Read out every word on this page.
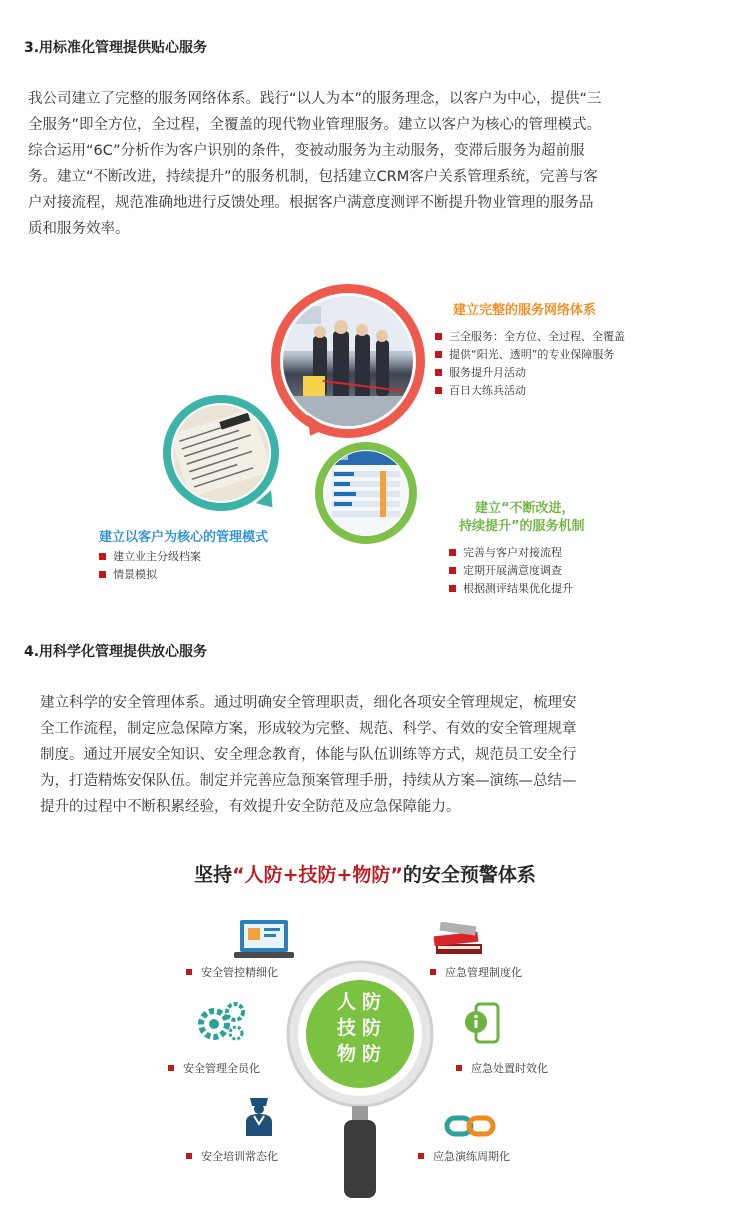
3.用标准化管理提供贴心服务

我公司建立了完整的服务网络体系。践行“以人为本”的服务理念，以客户为中心，提供“三

全服务”即全方位，全过程，全覆盖的现代物业管理服务。建立以客户为核心的管理模式。

综合运用“6C”分析作为客户识别的条件，变被动服务为主动服务，变滞后服务为超前服

务。建立“不断改进，持续提升”的服务机制，包括建立CRM客户关系管理系统，完善与客

户对接流程，规范准确地进行反馈处理。根据客户满意度测评不断提升物业管理的服务品

质和服务效率。

建立完整的服务网络体系
三全服务：全方位、全过程、全覆盖
提供“阳光、透明”的专业保障服务
服务提升月活动
百日大练兵活动
建立以客户为核心的管理模式
建立业主分级档案
情景模拟
建立“不断改进，
持续提升”的服务机制
完善与客户对接流程
定期开展满意度调查
根据测评结果优化提升
4.用科学化管理提供放心服务

建立科学的安全管理体系。通过明确安全管理职责，细化各项安全管理规定，梳理安

全工作流程，制定应急保障方案，形成较为完整、规范、科学、有效的安全管理规章

制度。通过开展安全知识、安全理念教育，体能与队伍训练等方式，规范员工安全行

为，打造精炼安保队伍。制定并完善应急预案管理手册，持续从方案—演练—总结—

提升的过程中不断积累经验，有效提升安全防范及应急保障能力。

坚持“人防+技防+物防”的安全预警体系
人 防
技 防
物 防
安全管控精细化
安全管理全员化
安全培训常态化
应急管理制度化
应急处置时效化
应急演练周期化
